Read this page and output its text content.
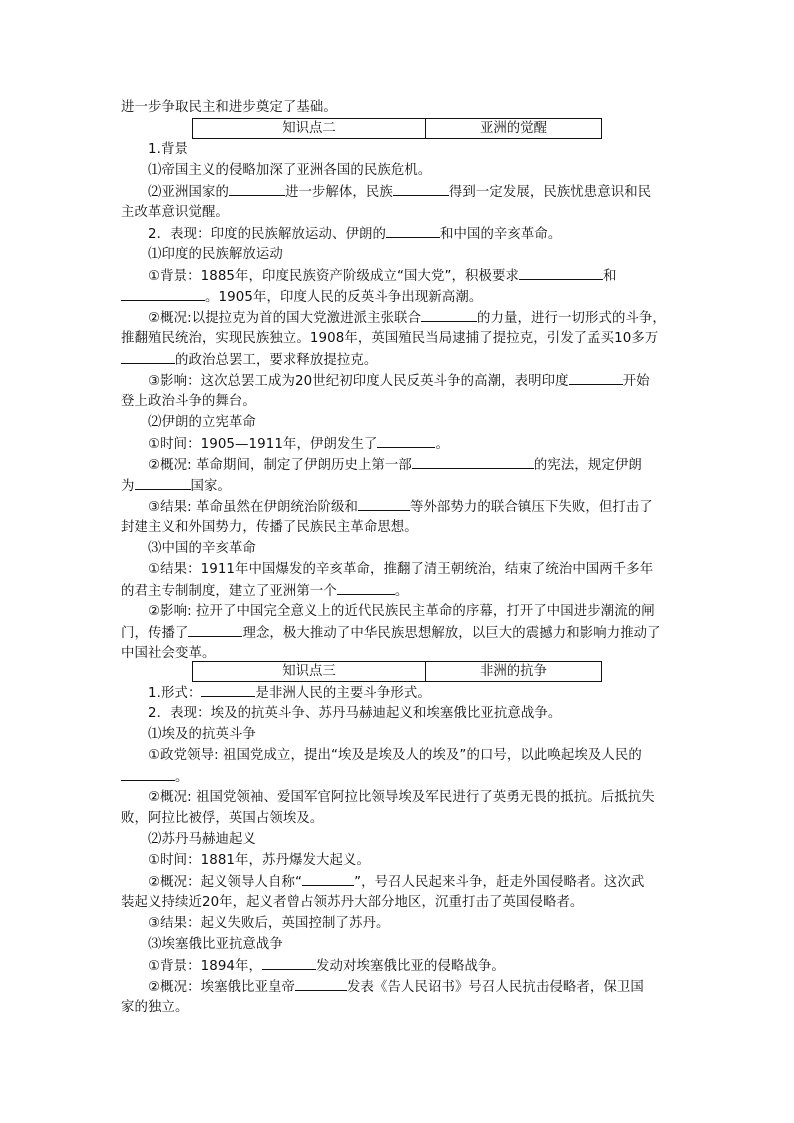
进一步争取民主和进步奠定了基础。
知识点二	亚洲的觉醒
1.背景
⑴帝国主义的侵略加深了亚洲各国的民族危机。
⑵亚洲国家的	进一步解体，民族	得到一定发展，民族忧患意识和民
主改革意识觉醒。
2．表现：印度的民族解放运动、伊朗的	和中国的辛亥革命。
⑴印度的民族解放运动
①背景：1885年，印度民族资产阶级成立“国大党”，积极要求	和
。1905年，印度人民的反英斗争出现新高潮。
②概况:以提拉克为首的国大党激进派主张联合	的力量，进行一切形式的斗争，
推翻殖民统治，实现民族独立。1908年，英国殖民当局逮捕了提拉克，引发了孟买10多万
的政治总罢工，要求释放提拉克。
③影响：这次总罢工成为20世纪初印度人民反英斗争的高潮，表明印度	开始
登上政治斗争的舞台。
⑵伊朗的立宪革命
①时间：1905—1911年，伊朗发生了	。
②概况: 革命期间，制定了伊朗历史上第一部	的宪法，规定伊朗
为	国家。
③结果: 革命虽然在伊朗统治阶级和	等外部势力的联合镇压下失败，但打击了
封建主义和外国势力，传播了民族民主革命思想。
⑶中国的辛亥革命
①结果：1911年中国爆发的辛亥革命，推翻了清王朝统治，结束了统治中国两千多年
的君主专制制度，建立了亚洲第一个	。
②影响: 拉开了中国完全意义上的近代民族民主革命的序幕，打开了中国进步潮流的闸
门，传播了	理念，极大推动了中华民族思想解放，以巨大的震撼力和影响力推动了
中国社会变革。
知识点三	非洲的抗争
1.形式：	是非洲人民的主要斗争形式。
2．表现：埃及的抗英斗争、苏丹马赫迪起义和埃塞俄比亚抗意战争。
⑴埃及的抗英斗争
①政党领导: 祖国党成立，提出“埃及是埃及人的埃及”的口号，以此唤起埃及人民的
。
②概况: 祖国党领袖、爱国军官阿拉比领导埃及军民进行了英勇无畏的抵抗。后抵抗失
败，阿拉比被俘，英国占领埃及。
⑵苏丹马赫迪起义
①时间：1881年，苏丹爆发大起义。
②概况：起义领导人自称“	”，号召人民起来斗争，赶走外国侵略者。这次武
装起义持续近20年，起义者曾占领苏丹大部分地区，沉重打击了英国侵略者。
③结果：起义失败后，英国控制了苏丹。
⑶埃塞俄比亚抗意战争
①背景：1894年，	发动对埃塞俄比亚的侵略战争。
②概况：埃塞俄比亚皇帝	发表《告人民诏书》号召人民抗击侵略者，保卫国
家的独立。
